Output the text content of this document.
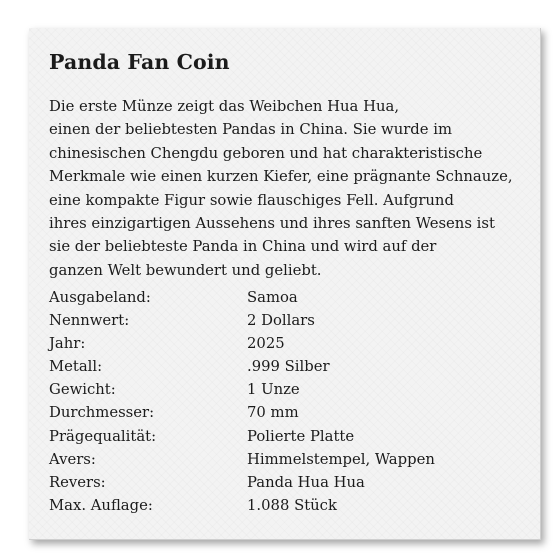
Panda Fan Coin

Die erste Münze zeigt das Weibchen Hua Hua,
einen der beliebtesten Pandas in China. Sie wurde im
chinesischen Chengdu geboren und hat charakteristische
Merkmale wie einen kurzen Kiefer, eine prägnante Schnauze,
eine kompakte Figur sowie flauschiges Fell. Aufgrund
ihres einzigartigen Aussehens und ihres sanften Wesens ist
sie der beliebteste Panda in China und wird auf der
ganzen Welt bewundert und geliebt.

Ausgabeland:	Samoa
Nennwert:	2 Dollars
Jahr:	2025
Metall:	.999 Silber
Gewicht:	1 Unze
Durchmesser:	70 mm
Prägequalität:	Polierte Platte
Avers:	Himmelstempel, Wappen
Revers:	Panda Hua Hua
Max. Auflage:	1.088 Stück
